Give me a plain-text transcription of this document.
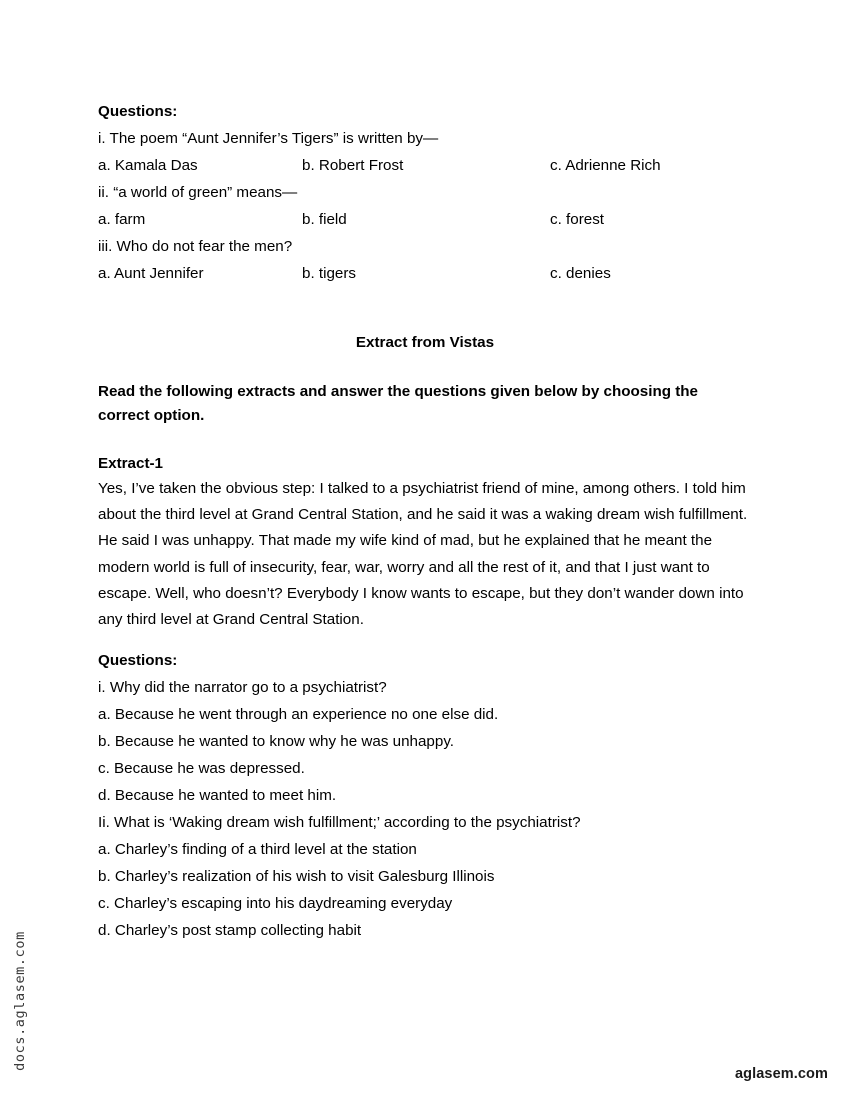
docs.aglasem.com

Questions:

i. The poem “Aunt Jennifer’s Tigers” is written by—

a. Kamala Das	b. Robert Frost	c. Adrienne Rich

ii. “a world of green” means—

a. farm	b. field	c. forest

iii. Who do not fear the men?

a. Aunt Jennifer	b. tigers	c. denies

Extract from Vistas

Read the following extracts and answer the questions given below by choosing the correct option.

Extract-1

Yes, I’ve taken the obvious step: I talked to a psychiatrist friend of mine, among others. I told him about the third level at Grand Central Station, and he said it was a waking dream wish fulfillment. He said I was unhappy. That made my wife kind of mad, but he explained that he meant the modern world is full of insecurity, fear, war, worry and all the rest of it, and that I just want to escape. Well, who doesn’t? Everybody I know wants to escape, but they don’t wander down into any third level at Grand Central Station.

Questions:

i. Why did the narrator go to a psychiatrist?

a. Because he went through an experience no one else did.

b. Because he wanted to know why he was unhappy.

c. Because he was depressed.

d. Because he wanted to meet him.

Ii. What is ‘Waking dream wish fulfillment;’ according to the psychiatrist?

a. Charley’s finding of a third level at the station

b. Charley’s realization of his wish to visit Galesburg Illinois

c. Charley’s escaping into his daydreaming everyday

d. Charley’s post stamp collecting habit

aglasem.com
